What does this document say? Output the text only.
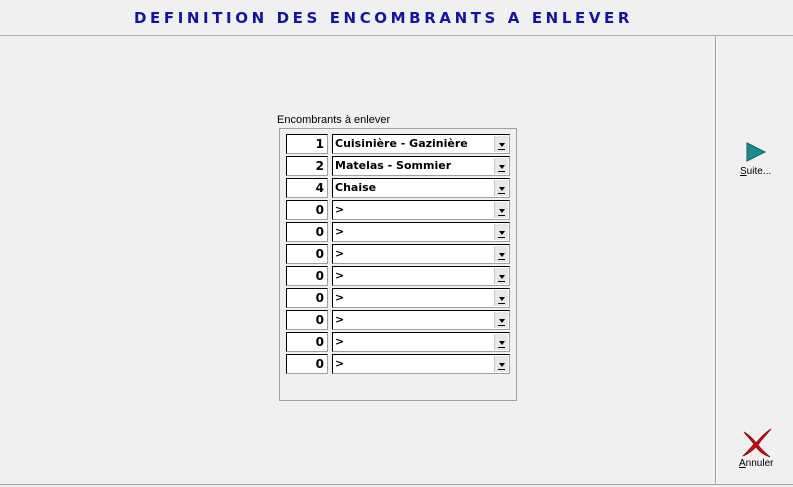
DEFINITION DES ENCOMBRANTS A ENLEVER
Encombrants à enlever
1	Cuisinière - Gazinière
2	Matelas - Sommier
4	Chaise
0	>
0	>
0	>
0	>
0	>
0	>
0	>
0	>
Suite...
Annuler
